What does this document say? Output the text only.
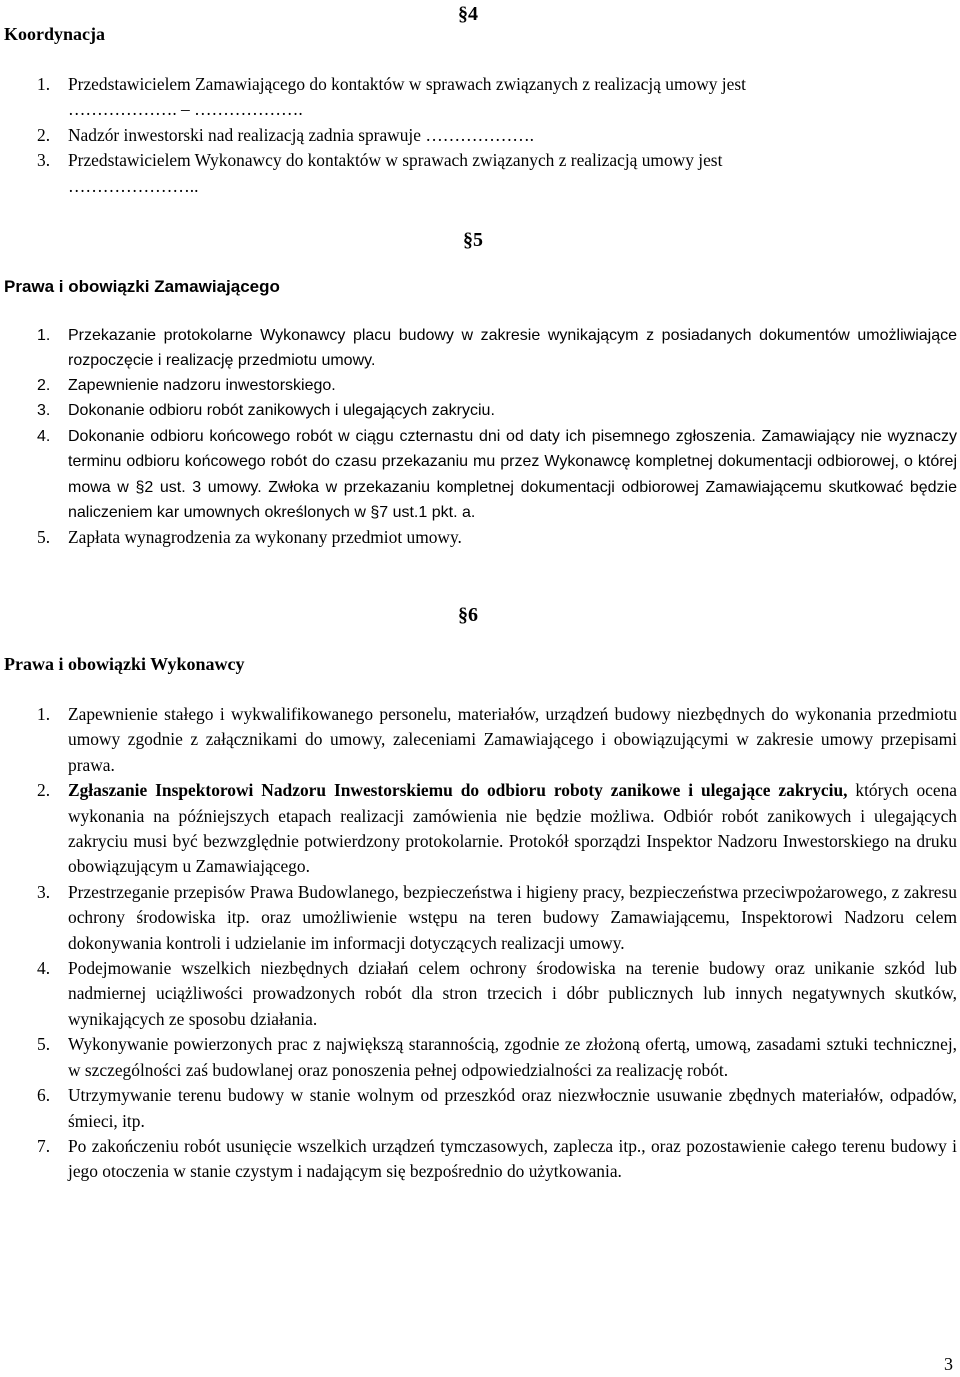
§4
Koordynacja
1. Przedstawicielem Zamawiającego do kontaktów w sprawach związanych z realizacją umowy jest
………………. – ……………….
2. Nadzór inwestorski nad realizacją zadnia sprawuje ……………….
3. Przedstawicielem Wykonawcy do kontaktów w sprawach związanych z realizacją umowy jest
…………………..
§5
Prawa i obowiązki Zamawiającego
1. Przekazanie protokolarne Wykonawcy placu budowy w zakresie wynikającym z posiadanych dokumentów umożliwiające rozpoczęcie i realizację przedmiotu umowy.
2. Zapewnienie nadzoru inwestorskiego.
3. Dokonanie odbioru robót zanikowych i ulegających zakryciu.
4. Dokonanie odbioru końcowego robót w ciągu czternastu dni od daty ich pisemnego zgłoszenia. Zamawiający nie wyznaczy terminu odbioru końcowego robót do czasu przekazaniu mu przez Wykonawcę kompletnej dokumentacji odbiorowej, o której mowa w §2 ust. 3 umowy. Zwłoka w przekazaniu kompletnej dokumentacji odbiorowej Zamawiającemu skutkować będzie naliczeniem kar umownych określonych w §7 ust.1 pkt. a.
5. Zapłata wynagrodzenia za wykonany przedmiot umowy.
§6
Prawa i obowiązki Wykonawcy
1. Zapewnienie stałego i wykwalifikowanego personelu, materiałów, urządzeń budowy niezbędnych do wykonania przedmiotu umowy zgodnie z załącznikami do umowy, zaleceniami Zamawiającego i obowiązującymi w zakresie umowy przepisami prawa.
2. Zgłaszanie Inspektorowi Nadzoru Inwestorskiemu do odbioru roboty zanikowe i ulegające zakryciu, których ocena wykonania na późniejszych etapach realizacji zamówienia nie będzie możliwa. Odbiór robót zanikowych i ulegających zakryciu musi być bezwzględnie potwierdzony protokolarnie. Protokół sporządzi Inspektor Nadzoru Inwestorskiego na druku obowiązującym u Zamawiającego.
3. Przestrzeganie przepisów Prawa Budowlanego, bezpieczeństwa i higieny pracy, bezpieczeństwa przeciwpożarowego, z zakresu ochrony środowiska itp. oraz umożliwienie wstępu na teren budowy Zamawiającemu, Inspektorowi Nadzoru celem dokonywania kontroli i udzielanie im informacji dotyczących realizacji umowy.
4. Podejmowanie wszelkich niezbędnych działań celem ochrony środowiska na terenie budowy oraz unikanie szkód lub nadmiernej uciążliwości prowadzonych robót dla stron trzecich i dóbr publicznych lub innych negatywnych skutków, wynikających ze sposobu działania.
5. Wykonywanie powierzonych prac z największą starannością, zgodnie ze złożoną ofertą, umową, zasadami sztuki technicznej, w szczególności zaś budowlanej oraz ponoszenia pełnej odpowiedzialności za realizację robót.
6. Utrzymywanie terenu budowy w stanie wolnym od przeszkód oraz niezwłocznie usuwanie zbędnych materiałów, odpadów, śmieci, itp.
7. Po zakończeniu robót usunięcie wszelkich urządzeń tymczasowych, zaplecza itp., oraz pozostawienie całego terenu budowy i jego otoczenia w stanie czystym i nadającym się bezpośrednio do użytkowania.
3
